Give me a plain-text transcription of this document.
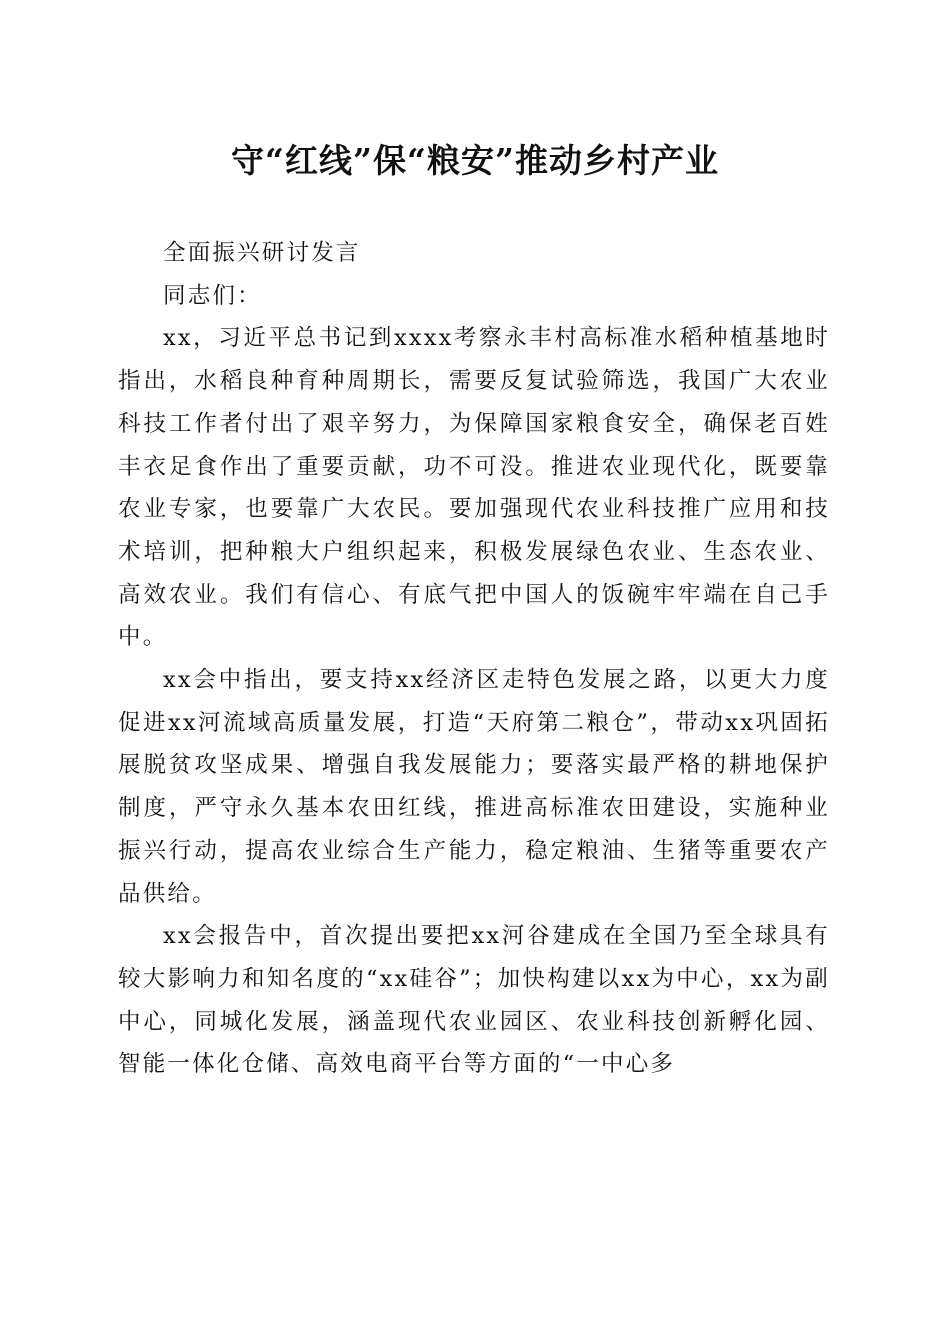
守“红线”保“粮安”推动乡村产业

全面振兴研讨发言

同志们：

xx，习近平总书记到xxxx考察永丰村高标准水稻种植基地时指出，水稻良种育种周期长，需要反复试验筛选，我国广大农业科技工作者付出了艰辛努力，为保障国家粮食安全，确保老百姓丰衣足食作出了重要贡献，功不可没。推进农业现代化，既要靠农业专家，也要靠广大农民。要加强现代农业科技推广应用和技术培训，把种粮大户组织起来，积极发展绿色农业、生态农业、高效农业。我们有信心、有底气把中国人的饭碗牢牢端在自己手中。

xx会中指出，要支持xx经济区走特色发展之路，以更大力度促进xx河流域高质量发展，打造“天府第二粮仓”，带动xx巩固拓展脱贫攻坚成果、增强自我发展能力；要落实最严格的耕地保护制度，严守永久基本农田红线，推进高标准农田建设，实施种业振兴行动，提高农业综合生产能力，稳定粮油、生猪等重要农产品供给。

xx会报告中，首次提出要把xx河谷建成在全国乃至全球具有较大影响力和知名度的“xx硅谷”；加快构建以xx为中心，xx为副中心，同城化发展，涵盖现代农业园区、农业科技创新孵化园、智能一体化仓储、高效电商平台等方面的“一中心多
